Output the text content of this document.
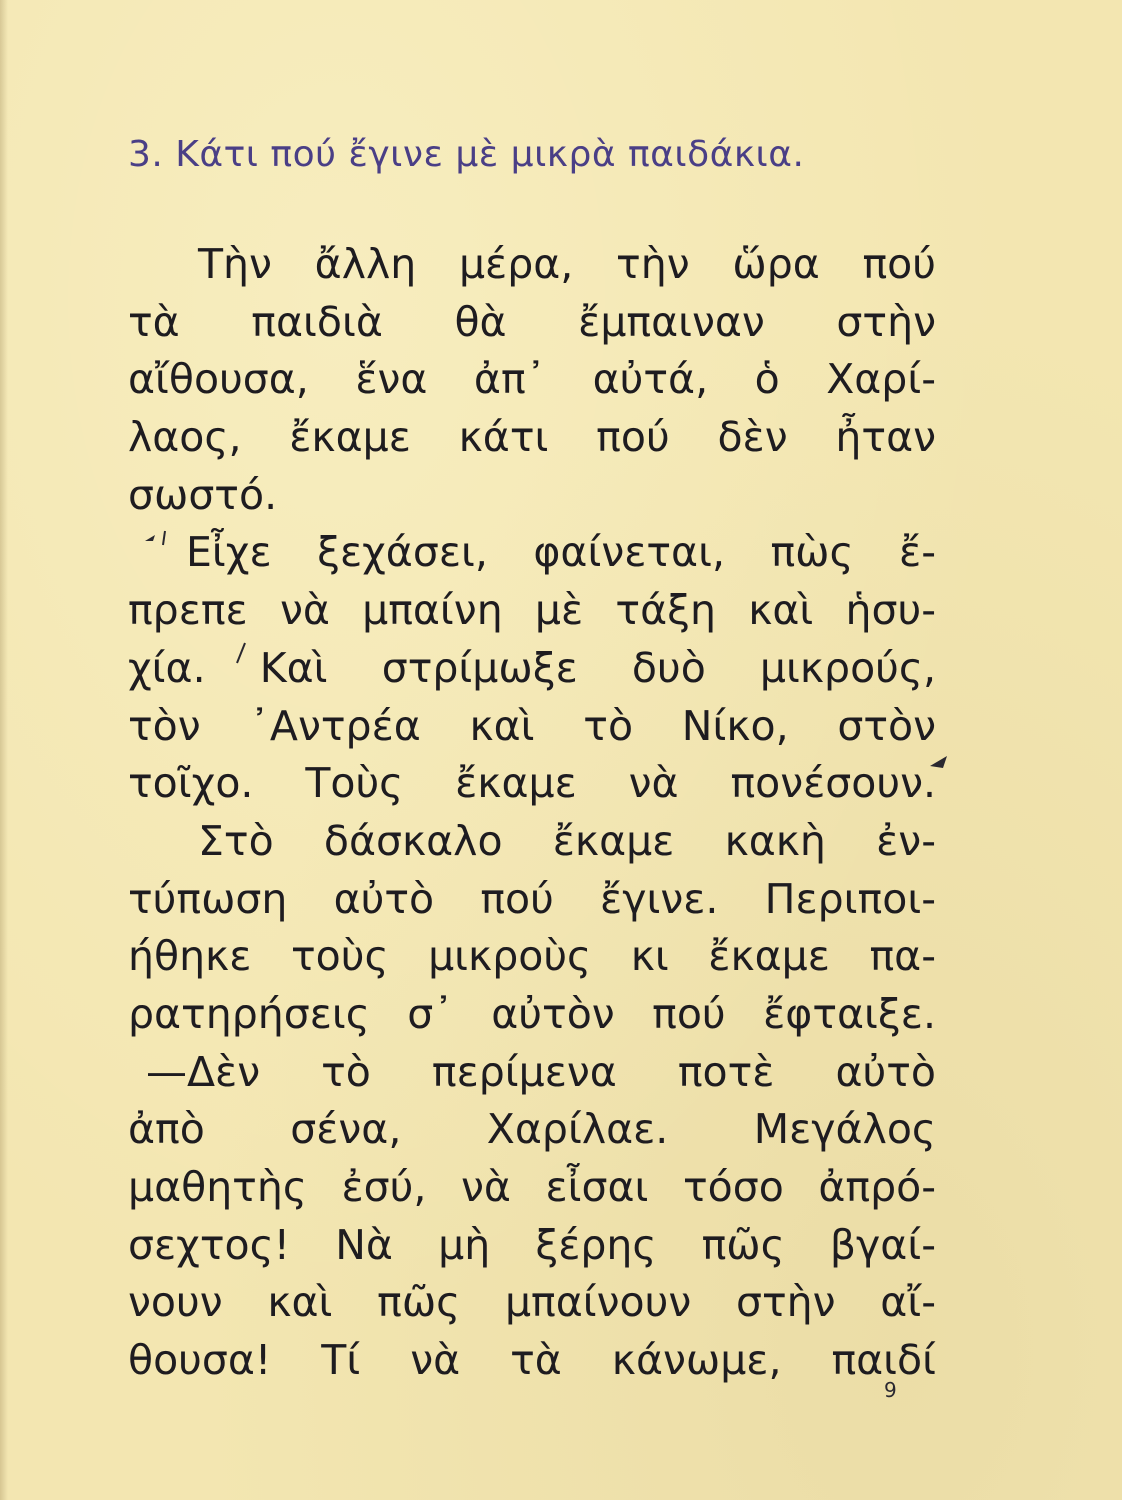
3. Κάτι πού ἔγινε μὲ μικρὰ παιδάκια.
Τὴν ἄλλη μέρα, τὴν ὥρα πού
τὰ παιδιὰ θὰ ἔμπαιναν στὴν
αἴθουσα, ἕνα ἀπ᾿ αὐτά, ὁ Χαρί-
λαος, ἔκαμε κάτι πού δὲν ἦταν
σωστό.
Εἶχε ξεχάσει, φαίνεται, πὼς ἔ-
πρεπε νὰ μπαίνη μὲ τάξη καὶ ἡσυ-
χία. Καὶ στρίμωξε δυὸ μικρούς,
τὸν ᾿Αντρέα καὶ τὸ Νίκο, στὸν
τοῖχο. Τοὺς ἔκαμε νὰ πονέσουν.
Στὸ δάσκαλο ἔκαμε κακὴ ἐν-
τύπωση αὐτὸ πού ἔγινε. Περιποι-
ήθηκε τοὺς μικροὺς κι ἔκαμε πα-
ρατηρήσεις σ᾿ αὐτὸν πού ἔφταιξε.
—Δὲν τὸ περίμενα ποτὲ αὐτὸ
ἀπὸ σένα, Χαρίλαε. Μεγάλος
μαθητὴς ἐσύ, νὰ εἶσαι τόσο ἀπρό-
σεχτος! Νὰ μὴ ξέρης πῶς βγαί-
νουν καὶ πῶς μπαίνουν στὴν αἴ-
θουσα! Τί νὰ τὰ κάνωμε, παιδί
9
